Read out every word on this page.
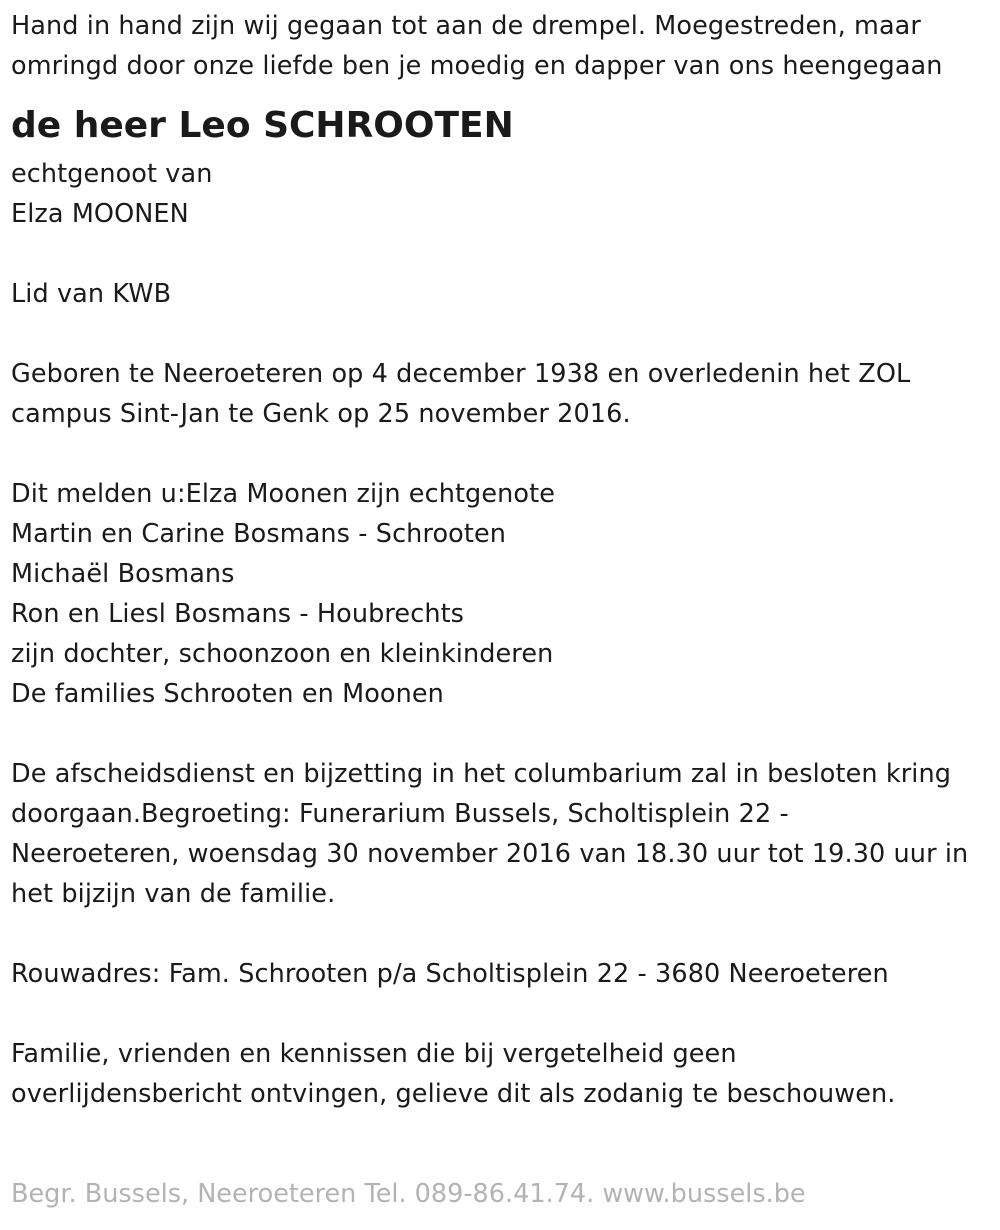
Hand in hand zijn wij gegaan tot aan de drempel. Moegestreden, maar
omringd door onze liefde ben je moedig en dapper van ons heengegaan
de heer Leo SCHROOTEN
echtgenoot van
Elza MOONEN
Lid van KWB
Geboren te Neeroeteren op 4 december 1938 en overledenin het ZOL
campus Sint-Jan te Genk op 25 november 2016.
Dit melden u:Elza Moonen zijn echtgenote
Martin en Carine Bosmans - Schrooten
Michaël Bosmans
Ron en Liesl Bosmans - Houbrechts
zijn dochter, schoonzoon en kleinkinderen
De families Schrooten en Moonen
De afscheidsdienst en bijzetting in het columbarium zal in besloten kring
doorgaan.Begroeting: Funerarium Bussels, Scholtisplein 22 -
Neeroeteren, woensdag 30 november 2016 van 18.30 uur tot 19.30 uur in
het bijzijn van de familie.
Rouwadres: Fam. Schrooten p/a Scholtisplein 22 - 3680 Neeroeteren
Familie, vrienden en kennissen die bij vergetelheid geen
overlijdensbericht ontvingen, gelieve dit als zodanig te beschouwen.
Begr. Bussels, Neeroeteren Tel. 089-86.41.74. www.bussels.be
